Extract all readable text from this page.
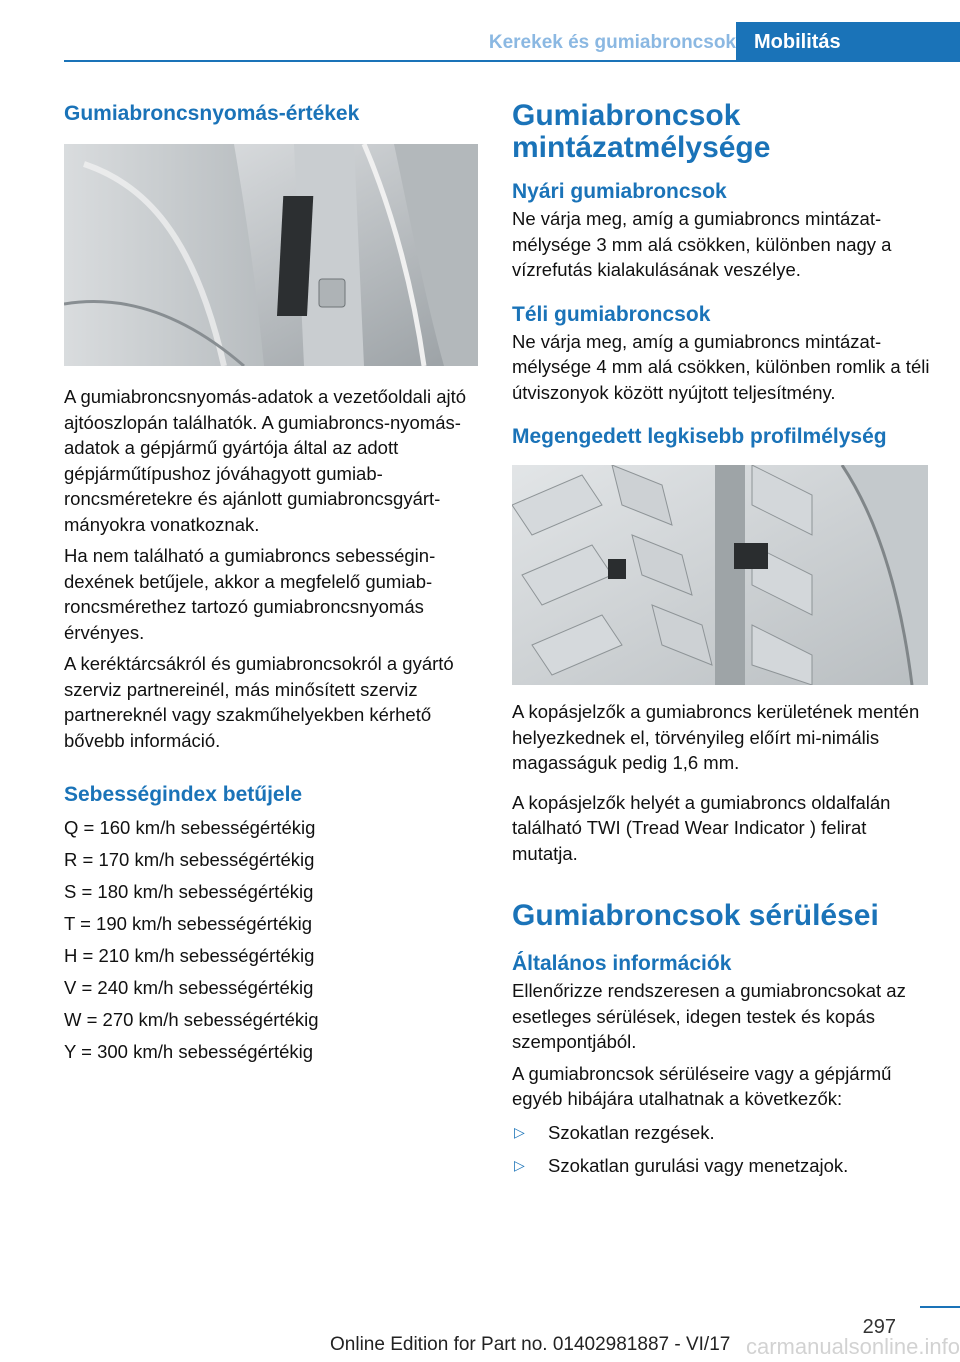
Kerekek és gumiabroncsok Mobilitás
Gumiabroncsnyomás-értékek

A gumiabroncsnyomás-adatok a vezetőoldali ajtó ajtóoszlopán találhatók. A gumiabroncs-nyomás-adatok a gépjármű gyártója által az adott gépjárműtípushoz jóváhagyott gumiab-roncsméretekre és ajánlott gumiabroncsgyárt-mányokra vonatkoznak.

Ha nem található a gumiabroncs sebességin-dexének betűjele, akkor a megfelelő gumiab-roncsmérethez tartozó gumiabroncsnyomás érvényes.

A keréktárcsákról és gumiabroncsokról a gyártó szerviz partnereinél, más minősített szerviz partnereknél vagy szakműhelyekben kérhető bővebb információ.

Sebességindex betűjele
Q = 160 km/h sebességértékig
R = 170 km/h sebességértékig
S = 180 km/h sebességértékig
T = 190 km/h sebességértékig
H = 210 km/h sebességértékig
V = 240 km/h sebességértékig
W = 270 km/h sebességértékig
Y = 300 km/h sebességértékig
Gumiabroncsok mintázatmélysége
Nyári gumiabroncsok

Ne várja meg, amíg a gumiabroncs mintázat-mélysége 3 mm alá csökken, különben nagy a vízrefutás kialakulásának veszélye.

Téli gumiabroncsok

Ne várja meg, amíg a gumiabroncs mintázat-mélysége 4 mm alá csökken, különben romlik a téli útviszonyok között nyújtott teljesítmény.

Megengedett legkisebb profilmélység

A kopásjelzők a gumiabroncs kerületének mentén helyezkednek el, törvényileg előírt mi-nimális magasságuk pedig 1,6 mm.

A kopásjelzők helyét a gumiabroncs oldalfalán található TWI (Tread Wear Indicator ) felirat mutatja.

Gumiabroncsok sérülései
Általános információk

Ellenőrizze rendszeresen a gumiabroncsokat az esetleges sérülések, idegen testek és kopás szempontjából.

A gumiabroncsok sérüléseire vagy a gépjármű egyéb hibájára utalhatnak a következők:

▷	Szokatlan rezgések.
▷	Szokatlan gurulási vagy menetzajok.
297
Online Edition for Part no. 01402981887 - VI/17 carmanualsonline.info
